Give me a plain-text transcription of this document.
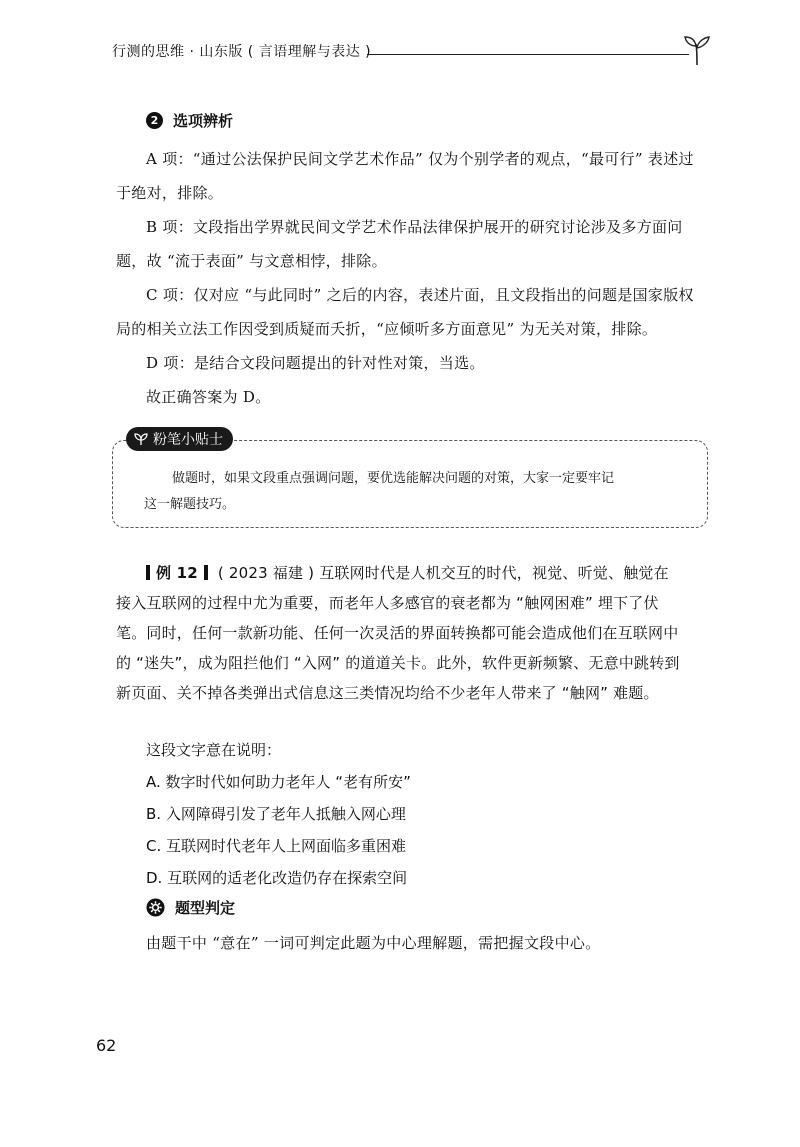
行测的思维 · 山东版 ( 言语理解与表达 )
2 选项辨析
A 项：“通过公法保护民间文学艺术作品” 仅为个别学者的观点，“最可行” 表述过于绝对，排除。
B 项：文段指出学界就民间文学艺术作品法律保护展开的研究讨论涉及多方面问题，故 “流于表面” 与文意相悖，排除。
C 项：仅对应 “与此同时” 之后的内容，表述片面，且文段指出的问题是国家版权局的相关立法工作因受到质疑而夭折，“应倾听多方面意见” 为无关对策，排除。
D 项：是结合文段问题提出的针对性对策，当选。
故正确答案为 D。
粉笔小贴士
做题时，如果文段重点强调问题，要优选能解决问题的对策，大家一定要牢记
这一解题技巧。
例 12 ( 2023 福建 ) 互联网时代是人机交互的时代，视觉、听觉、触觉在
接入互联网的过程中尤为重要，而老年人多感官的衰老都为 “触网困难” 埋下了伏
笔。同时，任何一款新功能、任何一次灵活的界面转换都可能会造成他们在互联网中
的 “迷失”，成为阻拦他们 “入网” 的道道关卡。此外，软件更新频繁、无意中跳转到
新页面、关不掉各类弹出式信息这三类情况均给不少老年人带来了 “触网” 难题。
这段文字意在说明：
A. 数字时代如何助力老年人 “老有所安”
B. 入网障碍引发了老年人抵触入网心理
C. 互联网时代老年人上网面临多重困难
D. 互联网的适老化改造仍存在探索空间
题型判定
由题干中 “意在” 一词可判定此题为中心理解题，需把握文段中心。
62
